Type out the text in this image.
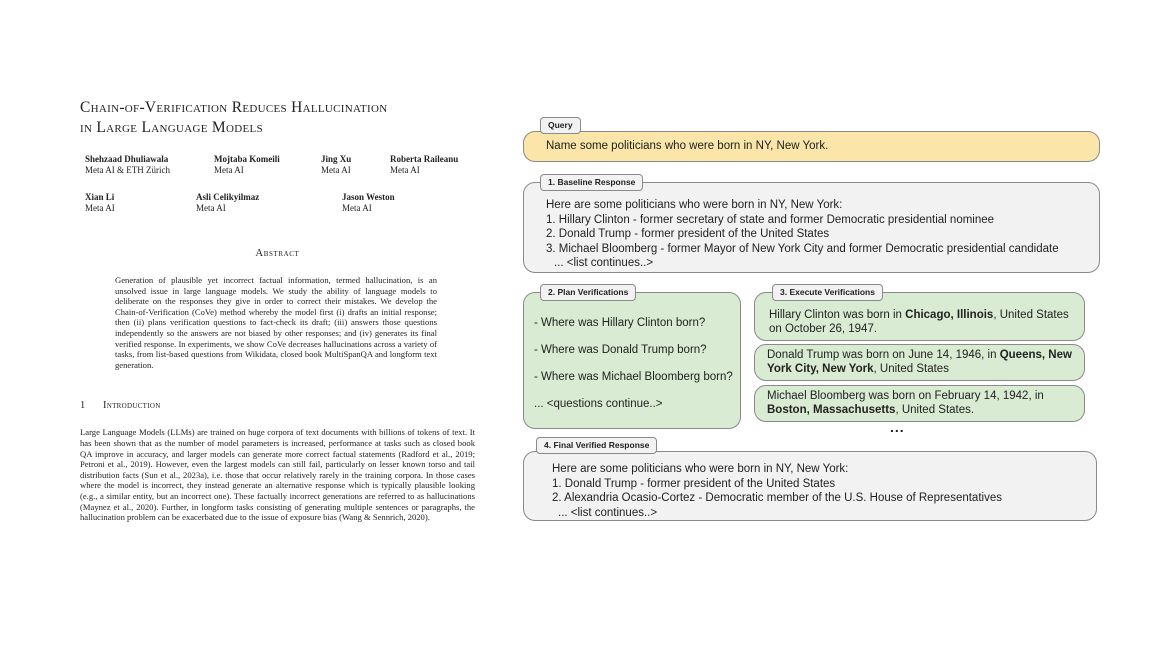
Chain-of-Verification Reduces Hallucination
in Large Language Models
Shehzaad Dhuliawala
Meta AI & ETH Zürich
Mojtaba Komeili
Meta AI
Jing Xu
Meta AI
Roberta Raileanu
Meta AI
Xian Li
Meta AI
Asli Celikyilmaz
Meta AI
Jason Weston
Meta AI
Abstract

Generation of plausible yet incorrect factual information, termed hallucination, is an unsolved issue in large language models. We study the ability of language models to deliberate on the responses they give in order to correct their mistakes. We develop the Chain-of-Verification (CoVe) method whereby the model first (i) drafts an initial response; then (ii) plans verification questions to fact-check its draft; (iii) answers those questions independently so the answers are not biased by other responses; and (iv) generates its final verified response. In experiments, we show CoVe decreases hallucinations across a variety of tasks, from list-based questions from Wikidata, closed book MultiSpanQA and longform text generation.

1 Introduction

Large Language Models (LLMs) are trained on huge corpora of text documents with billions of tokens of text. It has been shown that as the number of model parameters is increased, performance at tasks such as closed book QA improve in accuracy, and larger models can generate more correct factual statements (Radford et al., 2019; Petroni et al., 2019). However, even the largest models can still fail, particularly on lesser known torso and tail distribution facts (Sun et al., 2023a), i.e. those that occur relatively rarely in the training corpora. In those cases where the model is incorrect, they instead generate an alternative response which is typically plausible looking (e.g., a similar entity, but an incorrect one). These factually incorrect generations are referred to as hallucinations (Maynez et al., 2020). Further, in longform tasks consisting of generating multiple sentences or paragraphs, the hallucination problem can be exacerbated due to the issue of exposure bias (Wang & Sennrich, 2020).

Name some politicians who were born in NY, New York.
Query
Here are some politicians who were born in NY, New York:
1. Hillary Clinton - former secretary of state and former Democratic presidential nominee
2. Donald Trump - former president of the United States
3. Michael Bloomberg - former Mayor of New York City and former Democratic presidential candidate
... <list continues..>
1. Baseline Response
- Where was Hillary Clinton born?
- Where was Donald Trump born?
- Where was Michael Bloomberg born?
... <questions continue..>
2. Plan Verifications
Hillary Clinton was born in Chicago, Illinois, United States on October 26, 1947.
3. Execute Verifications
Donald Trump was born on June 14, 1946, in Queens, New York City, New York, United States
Michael Bloomberg was born on February 14, 1942, in Boston, Massachusetts, United States.
...
Here are some politicians who were born in NY, New York:
1. Donald Trump - former president of the United States
2. Alexandria Ocasio-Cortez - Democratic member of the U.S. House of Representatives
... <list continues..>
4. Final Verified Response
